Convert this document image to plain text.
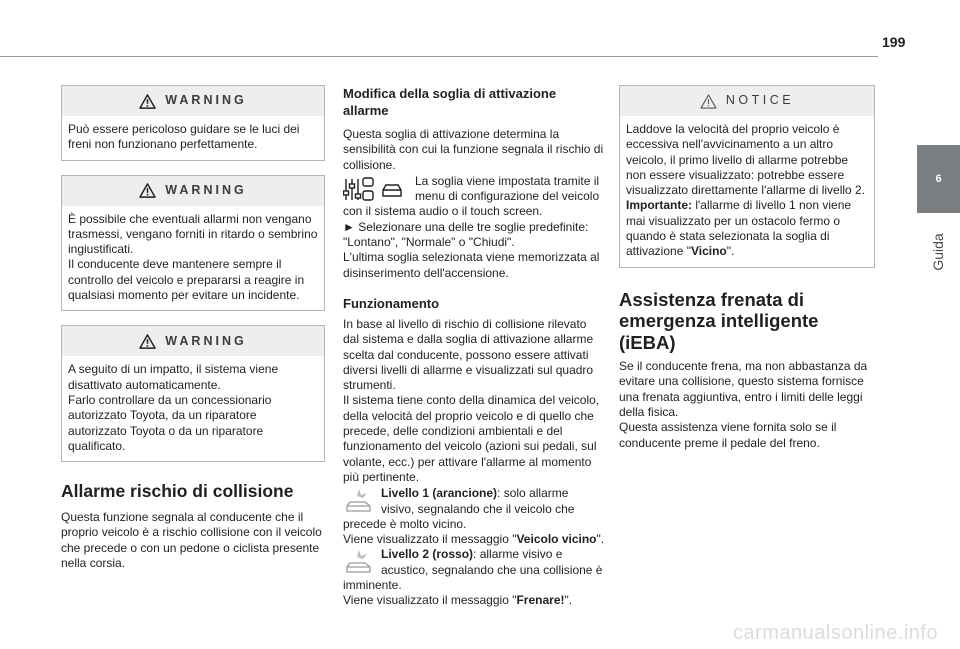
199
6
Guida
WARNING

Può essere pericoloso guidare se le luci dei freni non funzionano perfettamente.

WARNING

È possibile che eventuali allarmi non vengano trasmessi, vengano forniti in ritardo o sembrino ingiustificati.
Il conducente deve mantenere sempre il controllo del veicolo e prepararsi a reagire in qualsiasi momento per evitare un incidente.

WARNING

A seguito di un impatto, il sistema viene disattivato automaticamente.
Farlo controllare da un concessionario autorizzato Toyota, da un riparatore autorizzato Toyota o da un riparatore qualificato.

Allarme rischio di collisione

Questa funzione segnala al conducente che il proprio veicolo è a rischio collisione con il veicolo che precede o con un pedone o ciclista presente nella corsia.

Modifica della soglia di attivazione allarme

Questa soglia di attivazione determina la sensibilità con cui la funzione segnala il rischio di collisione.

La soglia viene impostata tramite il menu di configurazione del veicolo con il sistema audio o il touch screen.

► Selezionare una delle tre soglie predefinite: "Lontano", "Normale" o "Chiudi".

L'ultima soglia selezionata viene memorizzata al disinserimento dell'accensione.

Funzionamento

In base al livello di rischio di collisione rilevato dal sistema e dalla soglia di attivazione allarme scelta dal conducente, possono essere attivati diversi livelli di allarme e visualizzati sul quadro strumenti.

Il sistema tiene conto della dinamica del veicolo, della velocità del proprio veicolo e di quello che precede, delle condizioni ambientali e del funzionamento del veicolo (azioni sui pedali, sul volante, ecc.) per attivare l'allarme al momento più pertinente.

Livello 1 (arancione): solo allarme visivo, segnalando che il veicolo che precede è molto vicino.

Viene visualizzato il messaggio "Veicolo vicino".

Livello 2 (rosso): allarme visivo e acustico, segnalando che una collisione è imminente.

Viene visualizzato il messaggio "Frenare!".

NOTICE

Laddove la velocità del proprio veicolo è eccessiva nell'avvicinamento a un altro veicolo, il primo livello di allarme potrebbe non essere visualizzato: potrebbe essere visualizzato direttamente l'allarme di livello 2.

Importante: l'allarme di livello 1 non viene mai visualizzato per un ostacolo fermo o quando è stata selezionata la soglia di attivazione "Vicino".

Assistenza frenata di emergenza intelligente (iEBA)

Se il conducente frena, ma non abbastanza da evitare una collisione, questo sistema fornisce una frenata aggiuntiva, entro i limiti delle leggi della fisica.
Questa assistenza viene fornita solo se il conducente preme il pedale del freno.

carmanualsonline.info
